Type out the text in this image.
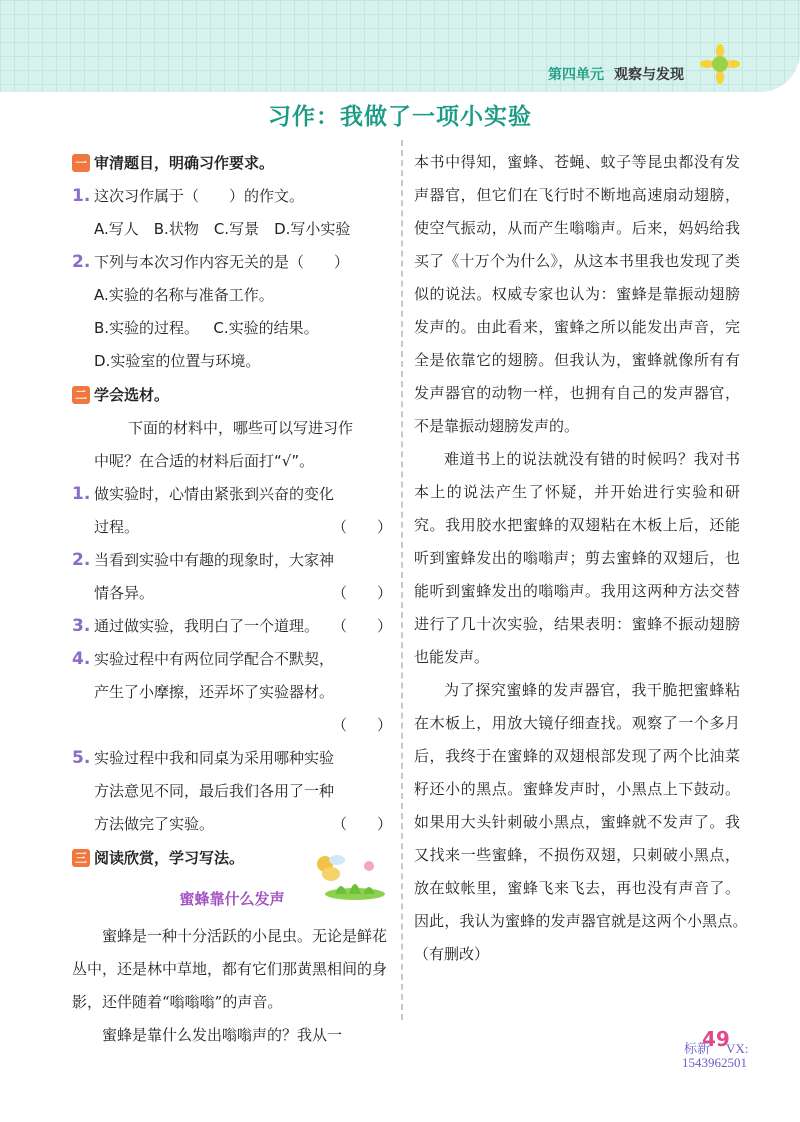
第四单元 观察与发现
习作：我做了一项小实验
一 审清题目，明确习作要求。
1. 这次习作属于（　　）的作文。
A.写人　B.状物　C.写景　D.写小实验
2. 下列与本次习作内容无关的是（　　）
A.实验的名称与准备工作。
B.实验的过程。 C.实验的结果。
D.实验室的位置与环境。
二 学会选材。
下面的材料中，哪些可以写进习作
中呢？在合适的材料后面打“√”。
1. 做实验时，心情由紧张到兴奋的变化
过程。	（　　）
2. 当看到实验中有趣的现象时，大家神
情各异。	（　　）
3. 通过做实验，我明白了一个道理。 （　　）
4. 实验过程中有两位同学配合不默契，
产生了小摩擦，还弄坏了实验器材。
（　　）
5. 实验过程中我和同桌为采用哪种实验
方法意见不同，最后我们各用了一种
方法做完了实验。	（　　）
三 阅读欣赏，学习写法。
蜜蜂靠什么发声
蜜蜂是一种十分活跃的小昆虫。无论是鲜花丛中，还是林中草地，都有它们那黄黑相间的身影，还伴随着“嗡嗡嗡”的声音。
蜜蜂是靠什么发出嗡嗡声的？我从一

本书中得知，蜜蜂、苍蝇、蚊子等昆虫都没有发声器官，但它们在飞行时不断地高速扇动翅膀，使空气振动，从而产生嗡嗡声。后来，妈妈给我买了《十万个为什么》，从这本书里我也发现了类似的说法。权威专家也认为：蜜蜂是靠振动翅膀发声的。由此看来，蜜蜂之所以能发出声音，完全是依靠它的翅膀。但我认为，蜜蜂就像所有有发声器官的动物一样，也拥有自己的发声器官，不是靠振动翅膀发声的。

难道书上的说法就没有错的时候吗？我对书本上的说法产生了怀疑，并开始进行实验和研究。我用胶水把蜜蜂的双翅粘在木板上后，还能听到蜜蜂发出的嗡嗡声；剪去蜜蜂的双翅后，也能听到蜜蜂发出的嗡嗡声。我用这两种方法交替进行了几十次实验，结果表明：蜜蜂不振动翅膀也能发声。

为了探究蜜蜂的发声器官，我干脆把蜜蜂粘在木板上，用放大镜仔细查找。观察了一个多月后，我终于在蜜蜂的双翅根部发现了两个比油菜籽还小的黑点。蜜蜂发声时，小黑点上下鼓动。如果用大头针刺破小黑点，蜜蜂就不发声了。我又找来一些蜜蜂，不损伤双翅，只刺破小黑点，放在蚊帐里，蜜蜂飞来飞去，再也没有声音了。因此，我认为蜜蜂的发声器官就是这两个小黑点。　　（有删改）

49
标新 VX:
1543962501
